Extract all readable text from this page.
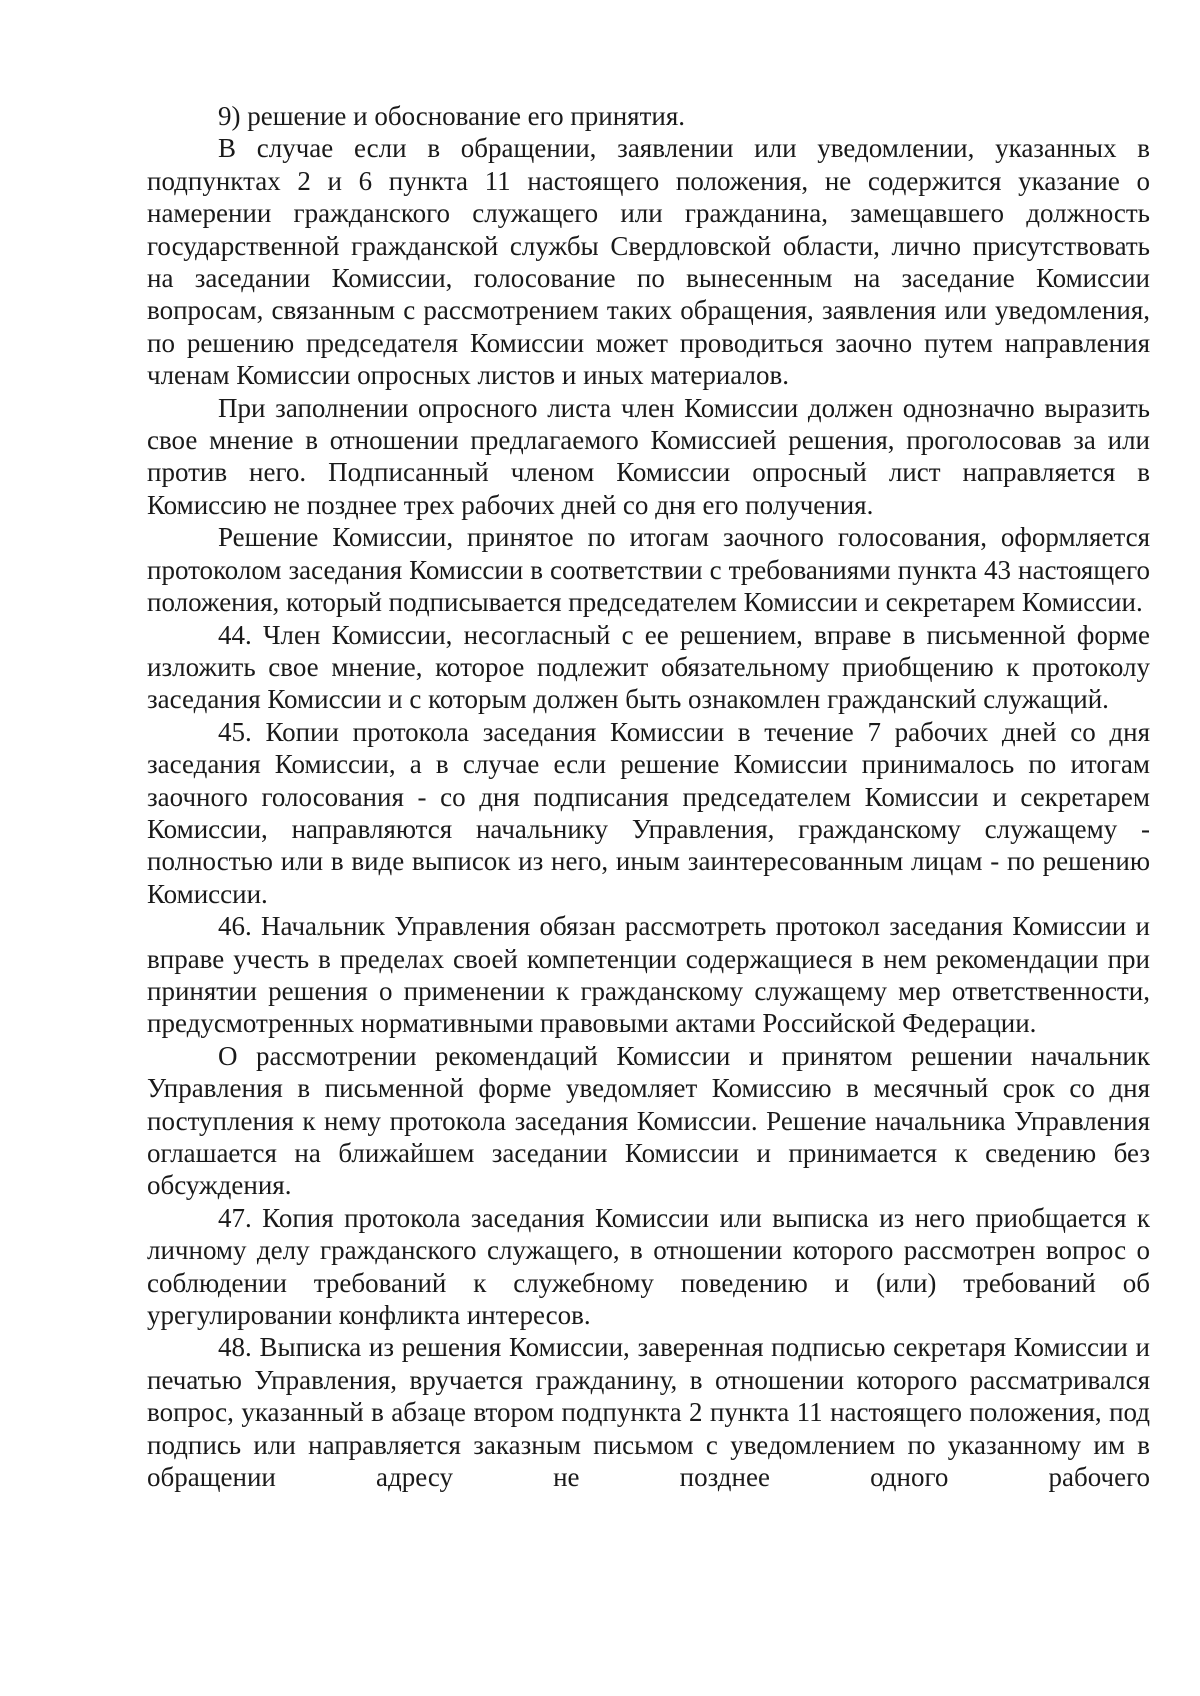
9) решение и обоснование его принятия.

В случае если в обращении, заявлении или уведомлении, указанных в подпунктах 2 и 6 пункта 11 настоящего положения, не содержится указание о намерении гражданского служащего или гражданина, замещавшего должность государственной гражданской службы Свердловской области, лично присутствовать на заседании Комиссии, голосование по вынесенным на заседание Комиссии вопросам, связанным с рассмотрением таких обращения, заявления или уведомления, по решению председателя Комиссии может проводиться заочно путем направления членам Комиссии опросных листов и иных материалов.

При заполнении опросного листа член Комиссии должен однозначно выразить свое мнение в отношении предлагаемого Комиссией решения, проголосовав за или против него. Подписанный членом Комиссии опросный лист направляется в Комиссию не позднее трех рабочих дней со дня его получения.

Решение Комиссии, принятое по итогам заочного голосования, оформляется протоколом заседания Комиссии в соответствии с требованиями пункта 43 настоящего положения, который подписывается председателем Комиссии и секретарем Комиссии.

44. Член Комиссии, несогласный с ее решением, вправе в письменной форме изложить свое мнение, которое подлежит обязательному приобщению к протоколу заседания Комиссии и с которым должен быть ознакомлен гражданский служащий.

45. Копии протокола заседания Комиссии в течение 7 рабочих дней со дня заседания Комиссии, а в случае если решение Комиссии принималось по итогам заочного голосования - со дня подписания председателем Комиссии и секретарем Комиссии, направляются начальнику Управления, гражданскому служащему - полностью или в виде выписок из него, иным заинтересованным лицам - по решению Комиссии.

46. Начальник Управления обязан рассмотреть протокол заседания Комиссии и вправе учесть в пределах своей компетенции содержащиеся в нем рекомендации при принятии решения о применении к гражданскому служащему мер ответственности, предусмотренных нормативными правовыми актами Российской Федерации.

О рассмотрении рекомендаций Комиссии и принятом решении начальник Управления в письменной форме уведомляет Комиссию в месячный срок со дня поступления к нему протокола заседания Комиссии. Решение начальника Управления оглашается на ближайшем заседании Комиссии и принимается к сведению без обсуждения.

47. Копия протокола заседания Комиссии или выписка из него приобщается к личному делу гражданского служащего, в отношении которого рассмотрен вопрос о соблюдении требований к служебному поведению и (или) требований об урегулировании конфликта интересов.

48. Выписка из решения Комиссии, заверенная подписью секретаря Комиссии и печатью Управления, вручается гражданину, в отношении которого рассматривался вопрос, указанный в абзаце втором подпункта 2 пункта 11 настоящего положения, под подпись или направляется заказным письмом с уведомлением по указанному им в обращении адресу не позднее одного рабочего
